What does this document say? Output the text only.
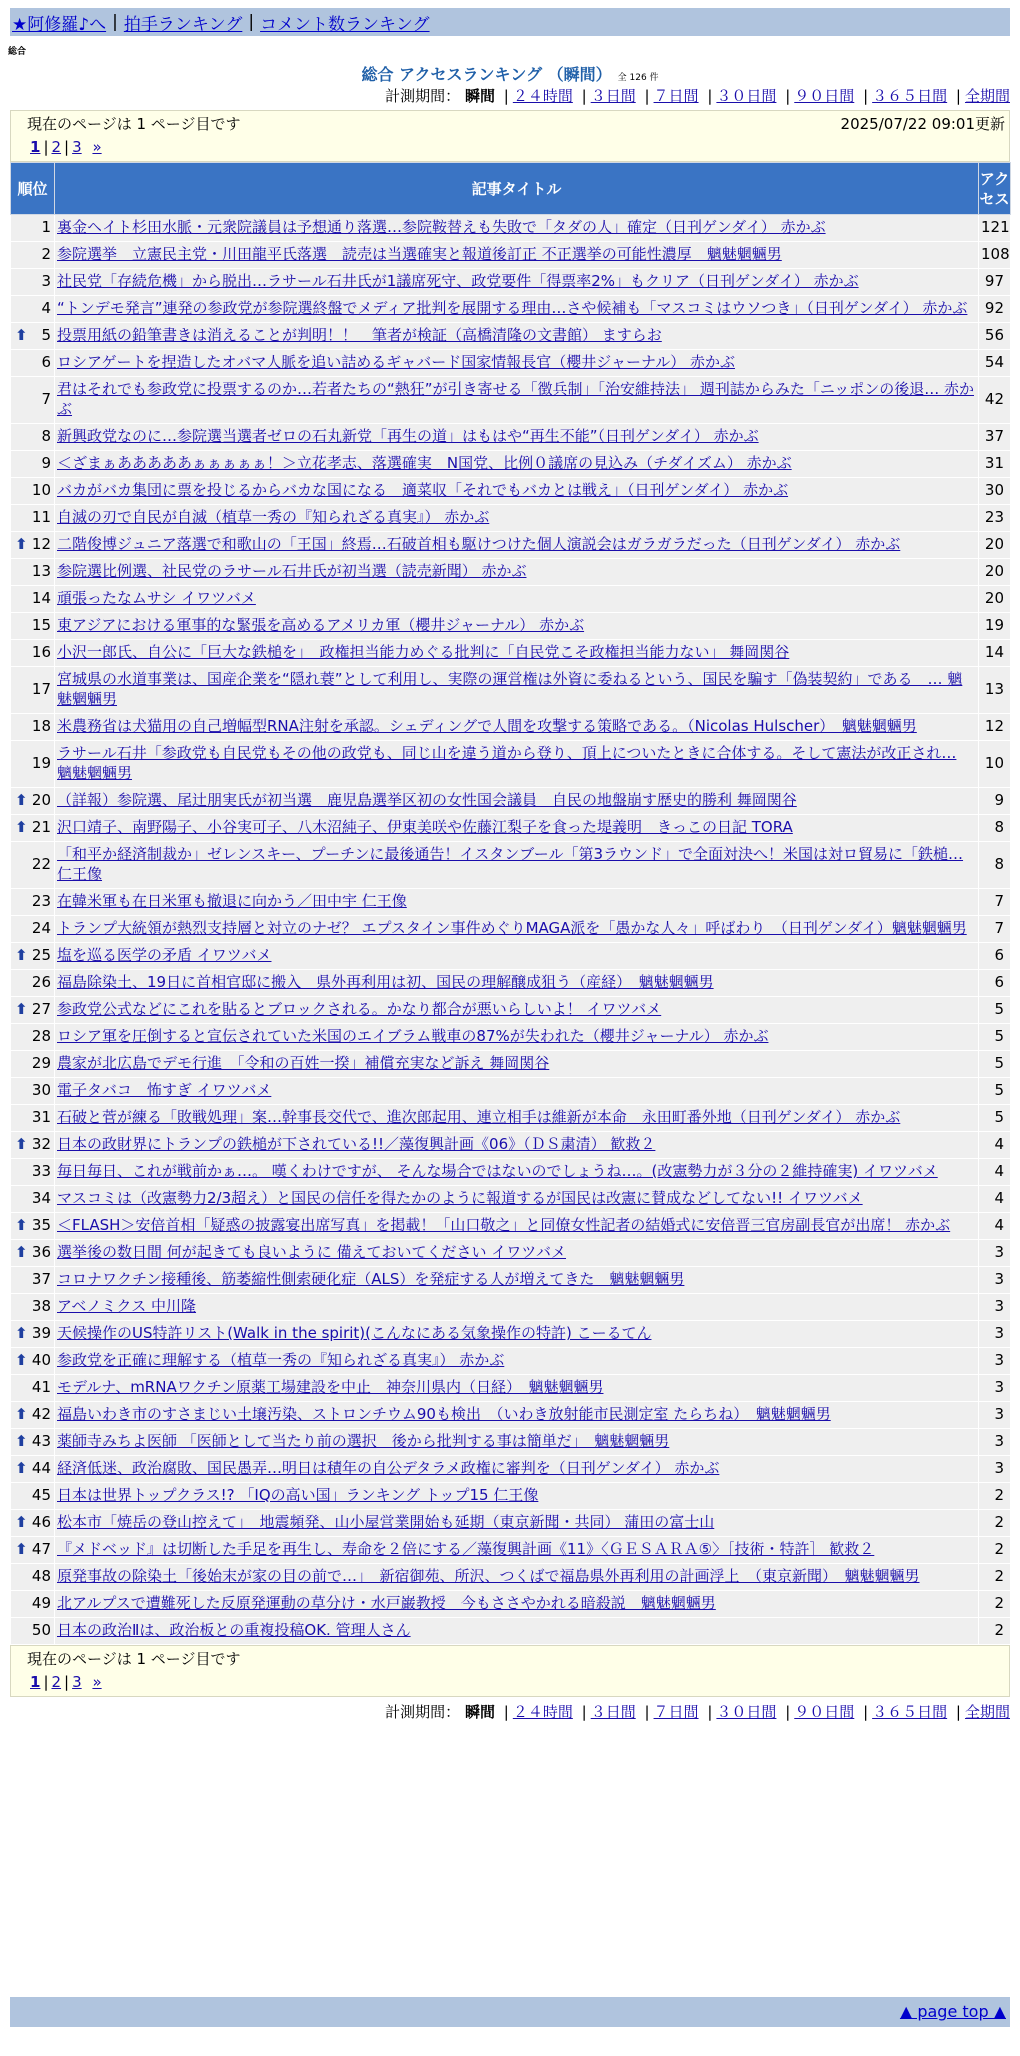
★阿修羅♪へ | 拍手ランキング | コメント数ランキング
総合
総合 アクセスランキング （瞬間） 全 126 件
計測期間： 瞬間 | ２４時間 | ３日間 | ７日間 | ３０日間 | ９０日間 | ３６５日間 | 全期間
現在のページは 1 ページ目です	2025/07/22 09:01更新
1 | 2 | 3 »
順位	記事タイトル	アクセス
1	裏金ヘイト杉田水脈・元衆院議員は予想通り落選…参院鞍替えも失敗で「タダの人」確定（日刊ゲンダイ） 赤かぶ	121
2	参院選挙　立憲民主党・川田龍平氏落選　読売は当選確実と報道後訂正 不正選挙の可能性濃厚　魑魅魍魎男	108
3	社民党「存続危機」から脱出…ラサール石井氏が1議席死守、政党要件「得票率2%」もクリア（日刊ゲンダイ） 赤かぶ	97
4	“トンデモ発言”連発の参政党が参院選終盤でメディア批判を展開する理由…さや候補も「マスコミはウソつき」（日刊ゲンダイ） 赤かぶ	92

⬆ 5	投票用紙の鉛筆書きは消えることが判明！！　筆者が検証（高橋清隆の文書館） ますらお	56
6	ロシアゲートを捏造したオバマ人脈を追い詰めるギャバード国家情報長官（櫻井ジャーナル） 赤かぶ	54
7	君はそれでも参政党に投票するのか…若者たちの“熱狂”が引き寄せる「徴兵制」「治安維持法」 週刊誌からみた「ニッポンの後退… 赤かぶ	42
8	新興政党なのに…参院選当選者ゼロの石丸新党「再生の道」はもはや“再生不能”（日刊ゲンダイ） 赤かぶ	37
9	＜ざまぁあああああぁぁぁぁぁ！＞立花孝志、落選確実　N国党、比例０議席の見込み（チダイズム） 赤かぶ	31
10	バカがバカ集団に票を投じるからバカな国になる　適菜収「それでもバカとは戦え」（日刊ゲンダイ） 赤かぶ	30
11	自滅の刃で自民が自滅（植草一秀の『知られざる真実』） 赤かぶ	23

⬆ 12	二階俊博ジュニア落選で和歌山の「王国」終焉…石破首相も駆けつけた個人演説会はガラガラだった（日刊ゲンダイ） 赤かぶ	20
13	参院選比例選、社民党のラサール石井氏が初当選（読売新聞） 赤かぶ	20
14	頑張ったなムサシ イワツバメ	20
15	東アジアにおける軍事的な緊張を高めるアメリカ軍（櫻井ジャーナル） 赤かぶ	19
16	小沢一郎氏、自公に「巨大な鉄槌を」　政権担当能力めぐる批判に「自民党こそ政権担当能力ない」 舞岡関谷	14
17	宮城県の水道事業は、国産企業を“隠れ蓑”として利用し、実際の運営権は外資に委ねるという、国民を騙す「偽装契約」である　… 魑魅魍魎男	13
18	米農務省は犬猫用の自己増幅型RNA注射を承認。シェディングで人間を攻撃する策略である。（Nicolas Hulscher）　魑魅魍魎男	12
19	ラサール石井「参政党も自民党もその他の政党も、同じ山を違う道から登り、頂上についたときに合体する。そして憲法が改正され… 魑魅魍魎男	10

⬆ 20	（詳報）参院選、尾辻朋実氏が初当選　鹿児島選挙区初の女性国会議員　自民の地盤崩す歴史的勝利 舞岡関谷	9

⬆ 21	沢口靖子、南野陽子、小谷実可子、八木沼純子、伊東美咲や佐藤江梨子を食った堤義明　きっこの日記 TORA	8
22	「和平か経済制裁か」ゼレンスキー、プーチンに最後通告！イスタンブール「第3ラウンド」で全面対決へ！米国は対ロ貿易に「鉄槌… 仁王像	8
23	在韓米軍も在日米軍も撤退に向かう／田中宇 仁王像	7
24	トランプ大統領が熱烈支持層と対立のナゼ？ エプスタイン事件めぐりMAGA派を「愚かな人々」呼ばわり　（日刊ゲンダイ）魑魅魍魎男	7

⬆ 25	塩を巡る医学の矛盾 イワツバメ	6
26	福島除染土、19日に首相官邸に搬入　県外再利用は初、国民の理解醸成狙う（産経）　魑魅魍魎男	6

⬆ 27	参政党公式などにこれを貼るとブロックされる。かなり都合が悪いらしいよ！ イワツバメ	5
28	ロシア軍を圧倒すると宣伝されていた米国のエイブラム戦車の87%が失われた（櫻井ジャーナル） 赤かぶ	5
29	農家が北広島でデモ行進　「令和の百姓一揆」補償充実など訴え 舞岡関谷	5
30	電子タバコ　怖すぎ イワツバメ	5
31	石破と菅が練る「敗戦処理」案…幹事長交代で、進次郎起用、連立相手は維新が本命　永田町番外地（日刊ゲンダイ） 赤かぶ	5

⬆ 32	日本の政財界にトランプの鉄槌が下されている!!／藻復興計画《06》（ＤＳ粛清） 歓救２	4
33	毎日毎日、これが戦前かぁ…。 嘆くわけですが、 そんな場合ではないのでしょうね…。(改憲勢力が３分の２維持確実) イワツバメ	4
34	マスコミは（改憲勢力2/3超え）と国民の信任を得たかのように報道するが国民は改憲に賛成などしてない!! イワツバメ	4

⬆ 35	＜FLASH＞安倍首相「疑惑の披露宴出席写真」を掲載！「山口敬之」と同僚女性記者の結婚式に安倍晋三官房副長官が出席！ 赤かぶ	4

⬆ 36	選挙後の数日間 何が起きても良いように 備えておいてください イワツバメ	3
37	コロナワクチン接種後、筋萎縮性側索硬化症（ALS）を発症する人が増えてきた　魑魅魍魎男	3
38	アベノミクス 中川隆	3

⬆ 39	天候操作のUS特許リスト(Walk in the spirit)(こんなにある気象操作の特許) こーるてん	3

⬆ 40	参政党を正確に理解する（植草一秀の『知られざる真実』） 赤かぶ	3
41	モデルナ、mRNAワクチン原薬工場建設を中止　神奈川県内（日経）　魑魅魍魎男	3

⬆ 42	福島いわき市のすさまじい土壌汚染、ストロンチウム90も検出　（いわき放射能市民測定室 たらちね）　魑魅魍魎男	3

⬆ 43	薬師寺みちよ医師 「医師として当たり前の選択　後から批判する事は簡単だ」　魑魅魍魎男	3

⬆ 44	経済低迷、政治腐敗、国民愚弄…明日は積年の自公デタラメ政権に審判を（日刊ゲンダイ） 赤かぶ	3
45	日本は世界トップクラス!? 「IQの高い国」ランキング トップ15 仁王像	2

⬆ 46	松本市「焼岳の登山控えて」　地震頻発、山小屋営業開始も延期（東京新聞・共同） 蒲田の富士山	2

⬆ 47	『メドベッド』は切断した手足を再生し、寿命を２倍にする／藻復興計画《11》〈ＧＥＳＡＲＡ⑤〉［技術・特許］ 歓救２	2
48	原発事故の除染土「後始末が家の目の前で…」　新宿御苑、所沢、つくばで福島県外再利用の計画浮上　（東京新聞）　魑魅魍魎男	2
49	北アルプスで遭難死した反原発運動の草分け・水戸巌教授　今もささやかれる暗殺説　魑魅魍魎男	2
50	日本の政治Ⅱは、政治板との重複投稿OK. 管理人さん	2
現在のページは 1 ページ目です
1 | 2 | 3 »
計測期間： 瞬間 | ２４時間 | ３日間 | ７日間 | ３０日間 | ９０日間 | ３６５日間 | 全期間
▲ page top ▲
